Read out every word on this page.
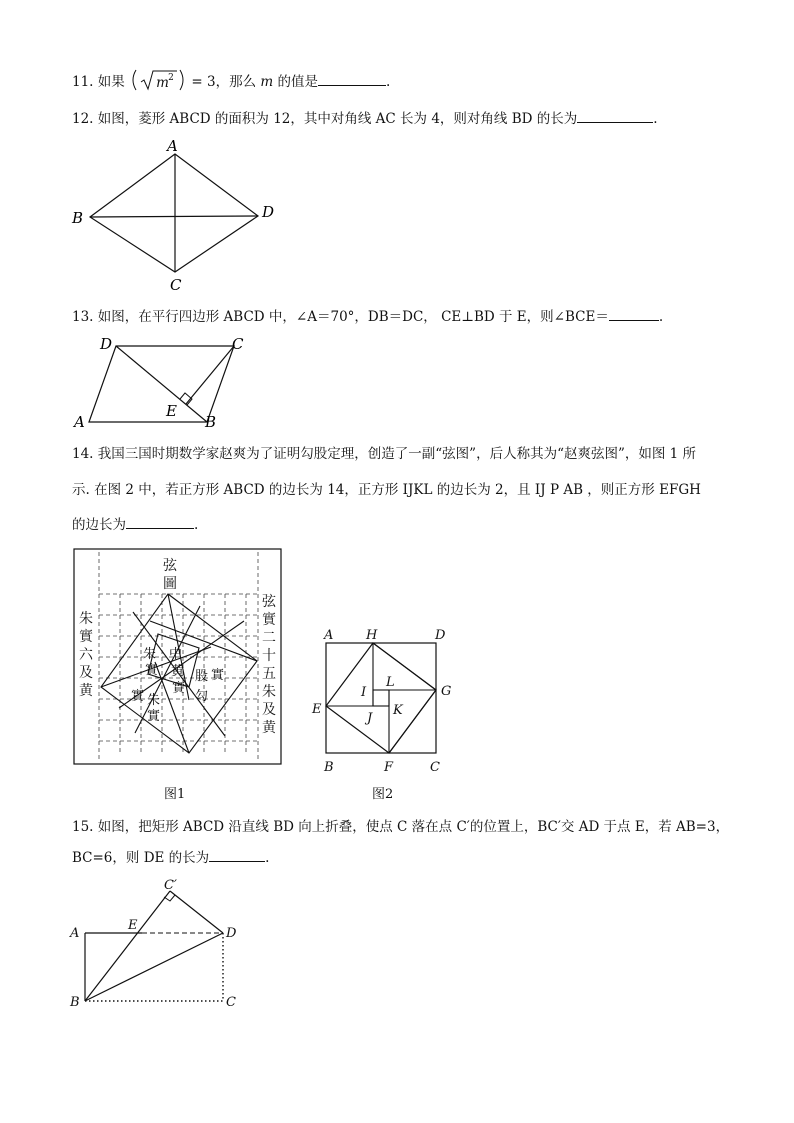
11. 如果 m 2 = 3，那么 m 的值是	.
12. 如图，菱形 ABCD 的面积为 12，其中对角线 AC 长为 4，则对角线 BD 的长为	.
A
B
C
D
13. 如图，在平行四边形 ABCD 中，∠A＝70°，DB＝DC， CE⊥BD 于 E，则∠BCE＝	.
D	C
A
E
B
14. 我国三国时期数学家赵爽为了证明勾股定理，创造了一副“弦图”，后人称其为“赵爽弦图”，如图 1 所
示. 在图 2 中，若正方形 ABCD 的边长为 14，正方形 IJKL 的边长为 2，且 IJ P AB ，则正方形 EFGH
的边长为	.
弦
圖
朱
實
六
及
黄
弦
實
二
十
五
朱
及
黄
朱
實
中
黄
實
股 實
勾
實 朱
實
图1
A	H	D
E
G
I
L
J
K
B	F	C
图2
15. 如图，把矩形 ABCD 沿直线 BD 向上折叠，使点 C 落在点 C′的位置上，BC′交 AD 于点 E，若 AB=3，
BC=6，则 DE 的长为	.
C′
E
A	D
B	C
